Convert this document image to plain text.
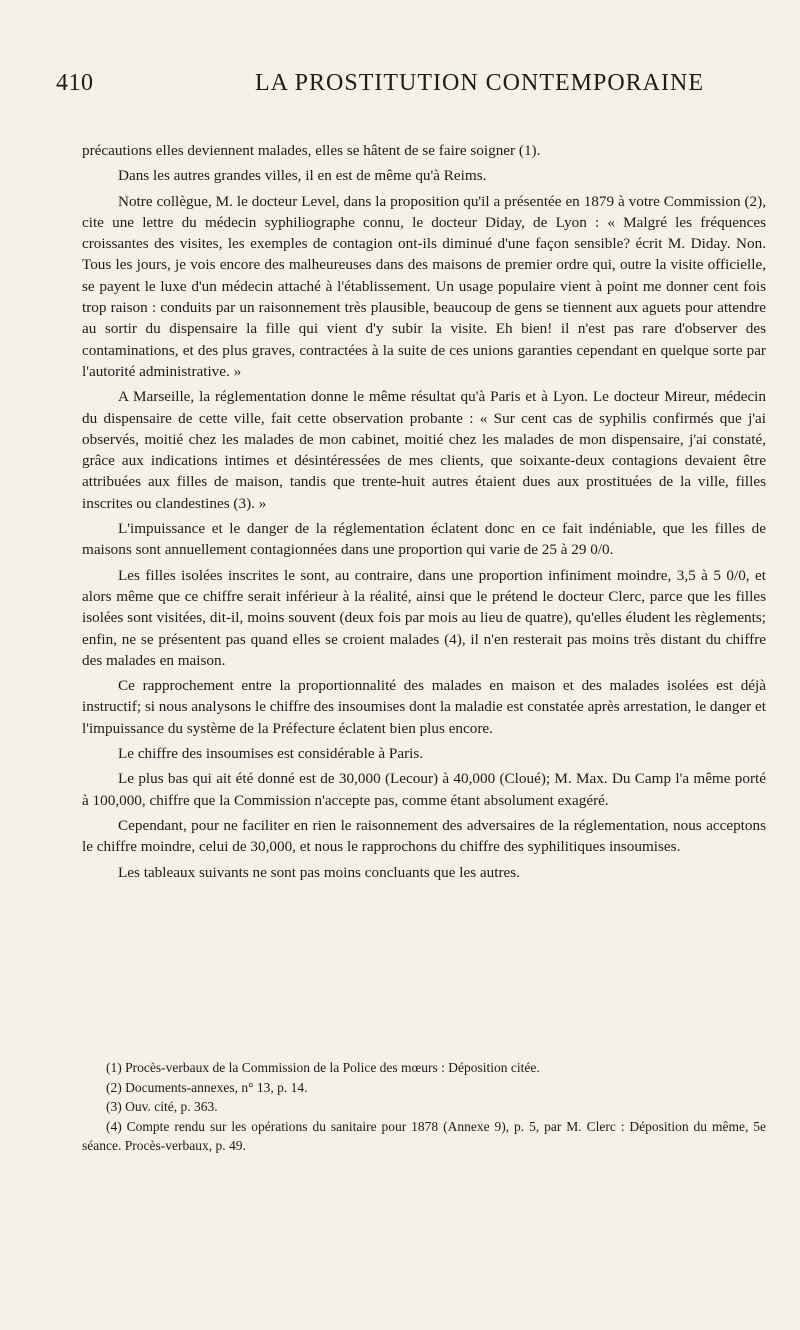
410	LA PROSTITUTION CONTEMPORAINE

précautions elles deviennent malades, elles se hâtent de se faire soigner (1).

Dans les autres grandes villes, il en est de même qu'à Reims.

Notre collègue, M. le docteur Level, dans la proposition qu'il a présentée en 1879 à votre Commission (2), cite une lettre du médecin syphiliographe connu, le docteur Diday, de Lyon : « Malgré les fréquences croissantes des visites, les exemples de contagion ont-ils diminué d'une façon sensible? écrit M. Diday. Non. Tous les jours, je vois encore des malheureuses dans des maisons de premier ordre qui, outre la visite officielle, se payent le luxe d'un médecin attaché à l'établissement. Un usage populaire vient à point me donner cent fois trop raison : conduits par un raisonnement très plausible, beaucoup de gens se tiennent aux aguets pour attendre au sortir du dispensaire la fille qui vient d'y subir la visite. Eh bien! il n'est pas rare d'observer des contaminations, et des plus graves, contractées à la suite de ces unions garanties cependant en quelque sorte par l'autorité administrative. »

A Marseille, la réglementation donne le même résultat qu'à Paris et à Lyon. Le docteur Mireur, médecin du dispensaire de cette ville, fait cette observation probante : « Sur cent cas de syphilis confirmés que j'ai observés, moitié chez les malades de mon cabinet, moitié chez les malades de mon dispensaire, j'ai constaté, grâce aux indications intimes et désintéressées de mes clients, que soixante-deux contagions devaient être attribuées aux filles de maison, tandis que trente-huit autres étaient dues aux prostituées de la ville, filles inscrites ou clandestines (3). »

L'impuissance et le danger de la réglementation éclatent donc en ce fait indéniable, que les filles de maisons sont annuellement contagionnées dans une proportion qui varie de 25 à 29 0/0.

Les filles isolées inscrites le sont, au contraire, dans une proportion infiniment moindre, 3,5 à 5 0/0, et alors même que ce chiffre serait inférieur à la réalité, ainsi que le prétend le docteur Clerc, parce que les filles isolées sont visitées, dit-il, moins souvent (deux fois par mois au lieu de quatre), qu'elles éludent les règlements; enfin, ne se présentent pas quand elles se croient malades (4), il n'en resterait pas moins très distant du chiffre des malades en maison.

Ce rapprochement entre la proportionnalité des malades en maison et des malades isolées est déjà instructif; si nous analysons le chiffre des insoumises dont la maladie est constatée après arrestation, le danger et l'impuissance du système de la Préfecture éclatent bien plus encore.

Le chiffre des insoumises est considérable à Paris.

Le plus bas qui ait été donné est de 30,000 (Lecour) à 40,000 (Cloué); M. Max. Du Camp l'a même porté à 100,000, chiffre que la Commission n'accepte pas, comme étant absolument exagéré.

Cependant, pour ne faciliter en rien le raisonnement des adversaires de la réglementation, nous acceptons le chiffre moindre, celui de 30,000, et nous le rapprochons du chiffre des syphilitiques insoumises.

Les tableaux suivants ne sont pas moins concluants que les autres.

(1) Procès-verbaux de la Commission de la Police des mœurs : Déposition citée.

(2) Documents-annexes, n° 13, p. 14.

(3) Ouv. cité, p. 363.

(4) Compte rendu sur les opérations du sanitaire pour 1878 (Annexe 9), p. 5, par M. Clerc : Déposition du même, 5e séance. Procès-verbaux, p. 49.
